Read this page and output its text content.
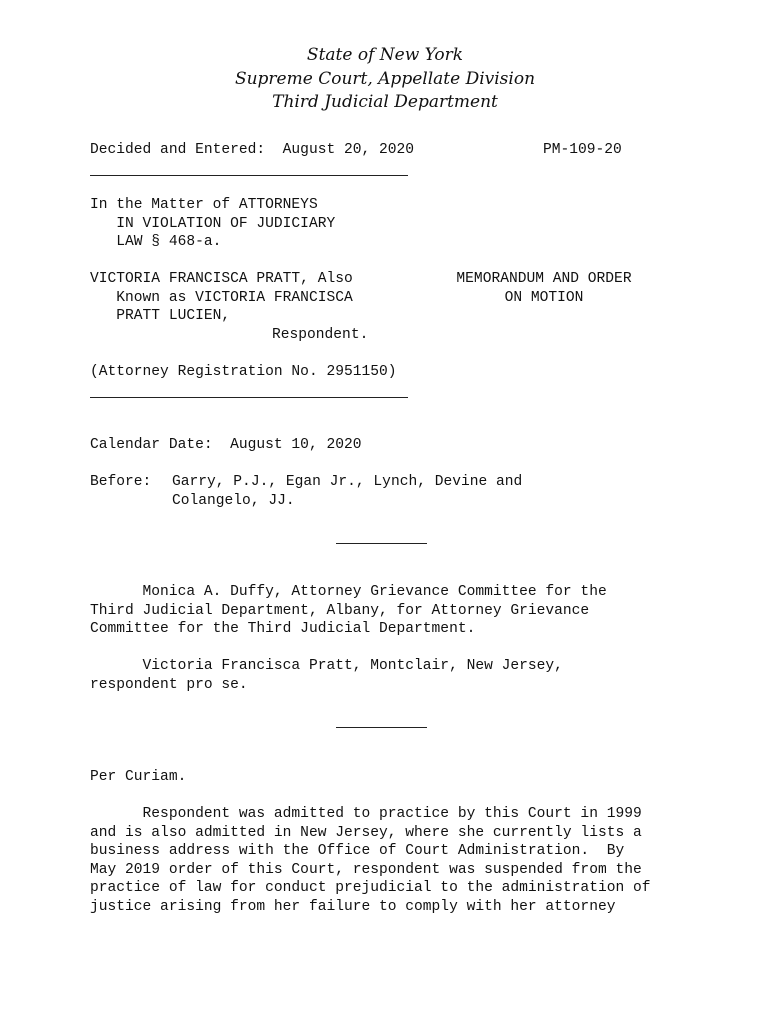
State of New York
Supreme Court, Appellate Division
Third Judicial Department
Decided and Entered: August 20, 2020	PM-109-20
In the Matter of ATTORNEYS
IN VIOLATION OF JUDICIARY
LAW § 468-a.
VICTORIA FRANCISCA PRATT, Also
Known as VICTORIA FRANCISCA
PRATT LUCIEN,
Respondent.
MEMORANDUM AND ORDER
ON MOTION
(Attorney Registration No. 2951150)
Calendar Date: August 10, 2020
Before: Garry, P.J., Egan Jr., Lynch, Devine and
Colangelo, JJ.
Monica A. Duffy, Attorney Grievance Committee for the
Third Judicial Department, Albany, for Attorney Grievance
Committee for the Third Judicial Department.
Victoria Francisca Pratt, Montclair, New Jersey,
respondent pro se.
Per Curiam.
Respondent was admitted to practice by this Court in 1999
and is also admitted in New Jersey, where she currently lists a
business address with the Office of Court Administration.  By
May 2019 order of this Court, respondent was suspended from the
practice of law for conduct prejudicial to the administration of
justice arising from her failure to comply with her attorney
